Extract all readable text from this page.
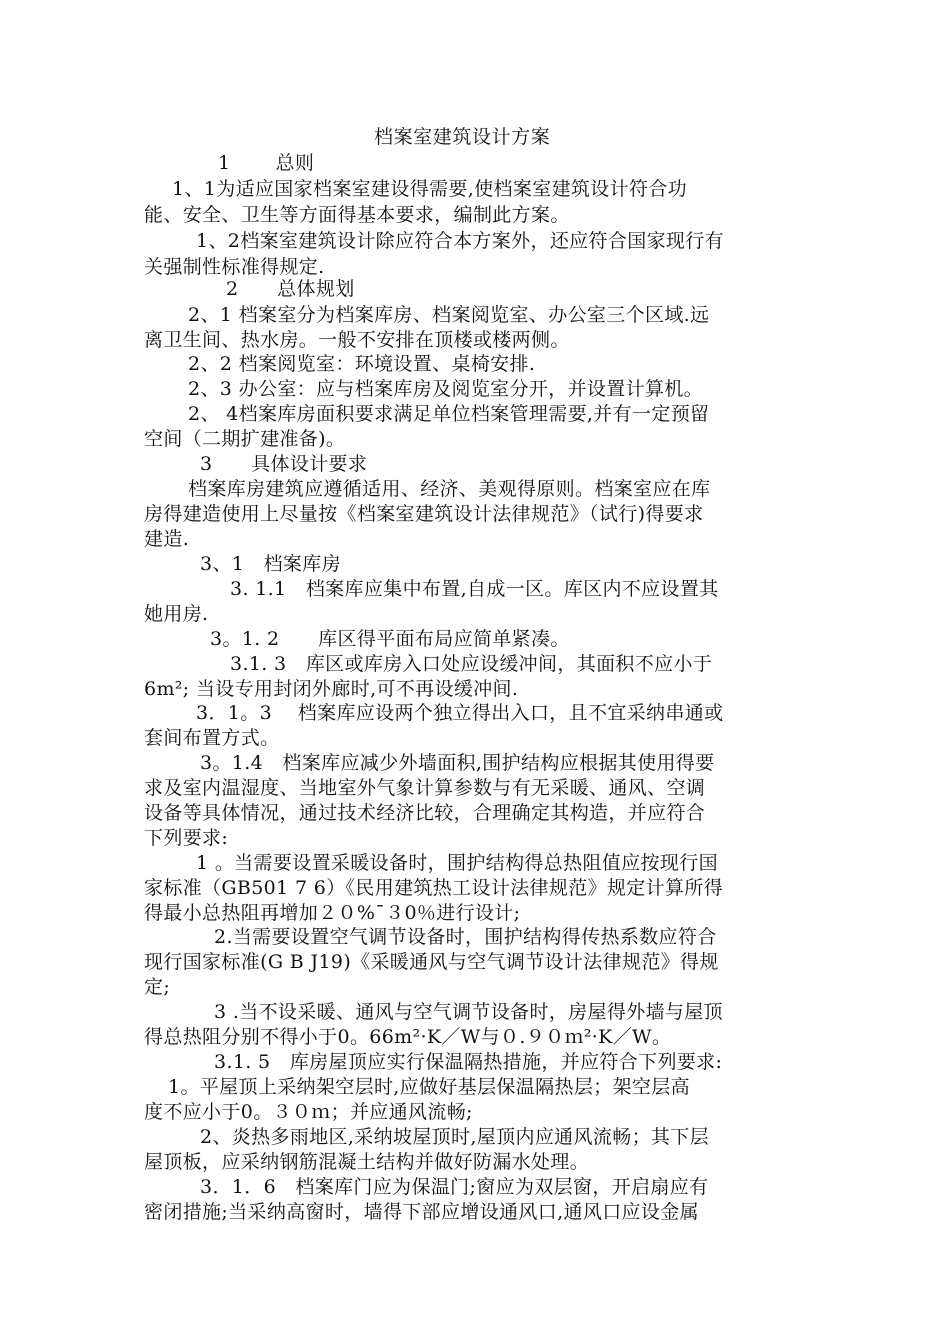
档案室建筑设计方案
1　　 总则
1、1为适应国家档案室建设得需要,使档案室建筑设计符合功
能、安全、卫生等方面得基本要求，编制此方案。
1、2档案室建筑设计除应符合本方案外，还应符合国家现行有
关强制性标准得规定.
2　　总体规划
2、1 档案室分为档案库房、档案阅览室、办公室三个区域.远
离卫生间、热水房。一般不安排在顶楼或楼两侧。
2、2 档案阅览室：环境设置、桌椅安排.
2、3 办公室：应与档案库房及阅览室分开，并设置计算机。
2、 4档案库房面积要求满足单位档案管理需要,并有一定预留
空间（二期扩建准备)。
3　　具体设计要求
档案库房建筑应遵循适用、经济、美观得原则。档案室应在库
房得建造使用上尽量按《档案室建筑设计法律规范》（试行)得要求
建造.
3、1　档案库房
3. 1.1　档案库应集中布置,自成一区。库区内不应设置其
她用房.
3。1. 2　　库区得平面布局应简单紧凑。
3.1. 3　库区或库房入口处应设缓冲间，其面积不应小于
6m²; 当设专用封闭外廊时,可不再设缓冲间.
3．1。3　 档案库应设两个独立得出入口，且不宜采纳串通或
套间布置方式。
3。1.4　档案库应减少外墙面积,围护结构应根据其使用得要
求及室内温湿度、当地室外气象计算参数与有无采暖、通风、空调
设备等具体情况，通过技术经济比较，合理确定其构造，并应符合
下列要求:
1 。当需要设置采暖设备时，围护结构得总热阻值应按现行国
家标准（GB501 7 6）《民用建筑热工设计法律规范》规定计算所得
得最小总热阻再增加２０%¯３0％进行设计;
2.当需要设置空气调节设备时，围护结构得传热系数应符合
现行国家标准(G B J19)《采暖通风与空气调节设计法律规范》得规
定;
3 .当不设采暖、通风与空气调节设备时，房屋得外墙与屋顶
得总热阻分别不得小于0。66m²·K／W与０.９０ｍ²·K／W。
3.1. 5　库房屋顶应实行保温隔热措施，并应符合下列要求:
1。平屋顶上采纳架空层时,应做好基层保温隔热层；架空层高
度不应小于0。３０ｍ；并应通风流畅;
2、炎热多雨地区,采纳坡屋顶时,屋顶内应通风流畅；其下层
屋顶板，应采纳钢筋混凝土结构并做好防漏水处理。
3．1．6　档案库门应为保温门;窗应为双层窗，开启扇应有
密闭措施;当采纳高窗时，墙得下部应增设通风口,通风口应设金属
